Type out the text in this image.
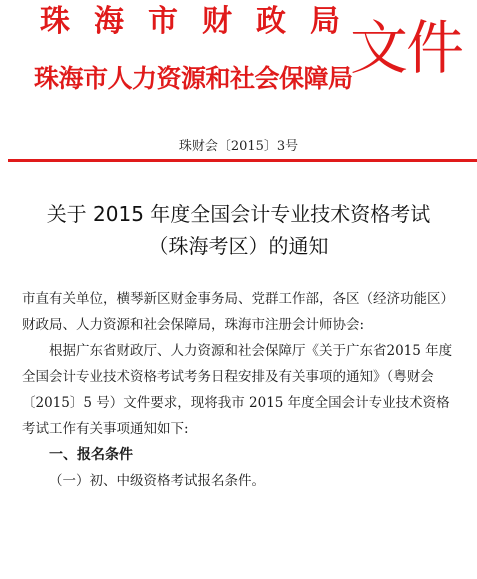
珠 海 市 财 政 局
珠海市人力资源和社会保障局
文件
珠财会〔2015〕3号
关于 2015 年度全国会计专业技术资格考试
（珠海考区）的通知

市直有关单位，横琴新区财金事务局、党群工作部，各区（经济功能区）财政局、人力资源和社会保障局，珠海市注册会计师协会:

根据广东省财政厅、人力资源和社会保障厅《关于广东省2015 年度全国会计专业技术资格考试考务日程安排及有关事项的通知》（粤财会 〔2015〕5 号）文件要求，现将我市 2015 年度全国会计专业技术资格考试工作有关事项通知如下:

一、报名条件

（一）初、中级资格考试报名条件。
